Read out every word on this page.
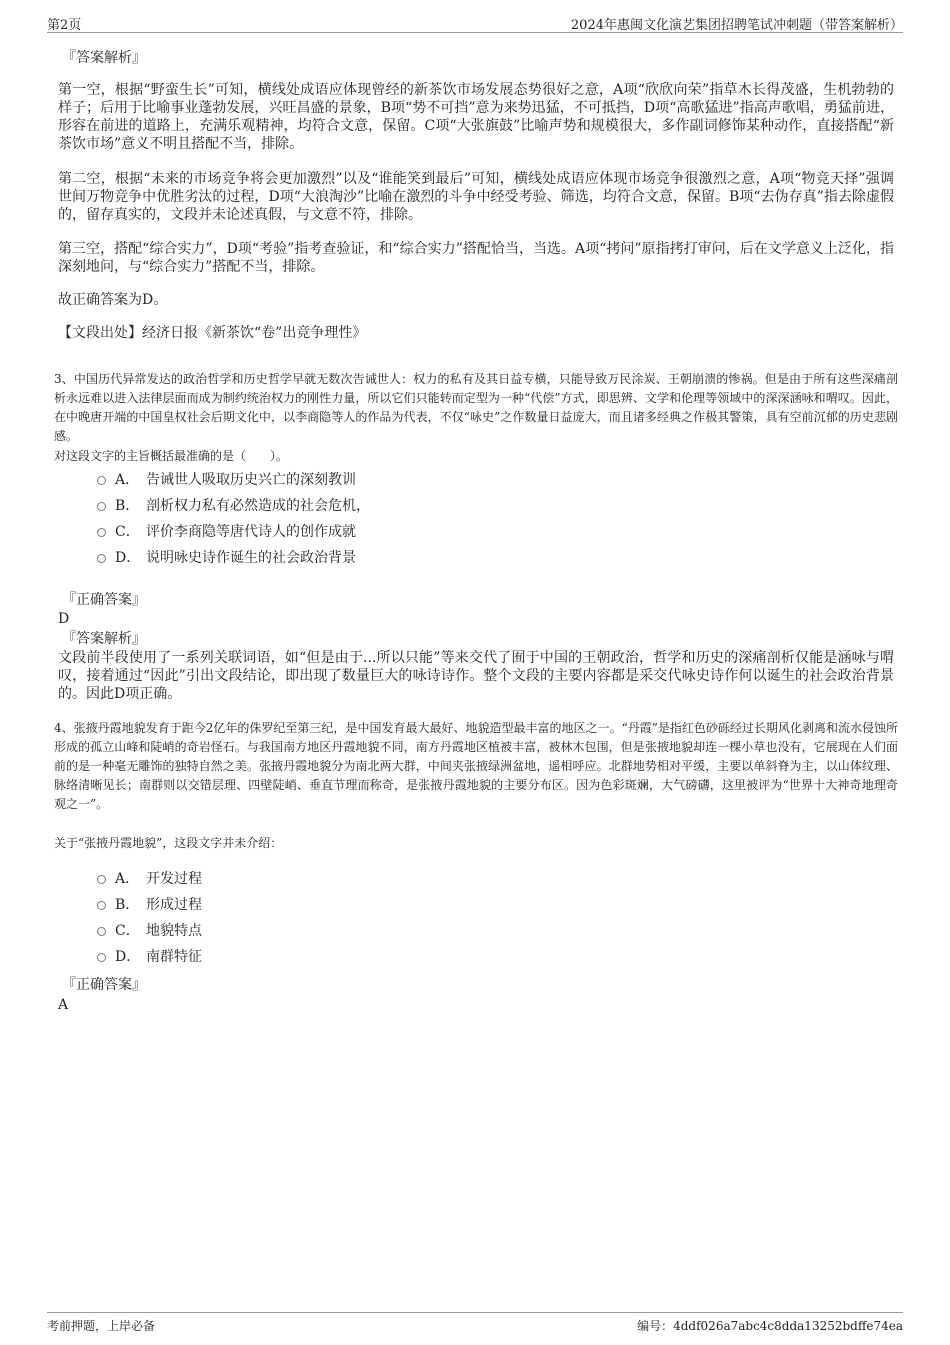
第2页	2024年惠闽文化演艺集团招聘笔试冲刺题（带答案解析）
『答案解析』
第一空，根据“野蛮生长”可知，横线处成语应体现曾经的新茶饮市场发展态势很好之意，A项“欣欣向荣”指草木长得茂盛，生机勃勃的样子；后用于比喻事业蓬勃发展，兴旺昌盛的景象，B项“势不可挡”意为来势迅猛，不可抵挡，D项“高歌猛进”指高声歌唱，勇猛前进，形容在前进的道路上，充满乐观精神，均符合文意，保留。C项“大张旗鼓”比喻声势和规模很大，多作副词修饰某种动作，直接搭配“新茶饮市场”意义不明且搭配不当，排除。
第二空，根据“未来的市场竞争将会更加激烈”以及“谁能笑到最后”可知，横线处成语应体现市场竞争很激烈之意，A项“物竞天择”强调世间万物竞争中优胜劣汰的过程，D项“大浪淘沙”比喻在激烈的斗争中经受考验、筛选，均符合文意，保留。B项“去伪存真”指去除虚假的，留存真实的，文段并未论述真假，与文意不符，排除。
第三空，搭配“综合实力”，D项“考验”指考查验证，和“综合实力”搭配恰当，当选。A项“拷问”原指拷打审问，后在文学意义上泛化，指深刻地问，与“综合实力”搭配不当，排除。
故正确答案为D。
【文段出处】经济日报《新茶饮“卷”出竞争理性》
3、中国历代异常发达的政治哲学和历史哲学早就无数次告诫世人：权力的私有及其日益专横，只能导致万民涂炭、王朝崩溃的惨祸。但是由于所有这些深痛剖析永远难以进入法律层面而成为制约统治权力的刚性力量，所以它们只能转而定型为一种“代偿”方式，即思辨、文学和伦理等领域中的深深涵咏和喟叹。因此，在中晚唐开端的中国皇权社会后期文化中，以李商隐等人的作品为代表，不仅“咏史”之作数量日益庞大，而且诸多经典之作极其警策，具有空前沉郁的历史悲剧感。
对这段文字的主旨概括最准确的是（　　）。
A． 告诫世人吸取历史兴亡的深刻教训
B． 剖析权力私有必然造成的社会危机，
C． 评价李商隐等唐代诗人的创作成就
D． 说明咏史诗作诞生的社会政治背景
『正确答案』
D
『答案解析』
文段前半段使用了一系列关联词语，如“但是由于...所以只能”等来交代了囿于中国的王朝政治，哲学和历史的深痛剖析仅能是涵咏与喟叹，接着通过“因此”引出文段结论，即出现了数量巨大的咏诗诗作。整个文段的主要内容都是采交代咏史诗作何以诞生的社会政治背景的。因此D项正确。
4、张掖丹霞地貌发育于距今2亿年的侏罗纪至第三纪，是中国发育最大最好、地貌造型最丰富的地区之一。“丹霞”是指红色砂砾经过长期风化剥离和流水侵蚀所形成的孤立山峰和陡峭的奇岩怪石。与我国南方地区丹霞地貌不同，南方丹霞地区植被丰富，被林木包围，但是张掖地貌却连一棵小草也没有，它展现在人们面前的是一种毫无雕饰的独特自然之美。张掖丹霞地貌分为南北两大群，中间夹张掖绿洲盆地，遥相呼应。北群地势相对平缓，主要以单斜脊为主，以山体纹理、脉络清晰见长；南群则以交错层理、四壁陡峭、垂直节理而称奇，是张掖丹霞地貌的主要分布区。因为色彩斑斓，大气磅礴，这里被评为“世界十大神奇地理奇观之一”。
关于“张掖丹霞地貌”，这段文字并未介绍：
A． 开发过程
B． 形成过程
C． 地貌特点
D． 南群特征
『正确答案』
A
考前押题，上岸必备	编号：4ddf026a7abc4c8dda13252bdffe74ea
